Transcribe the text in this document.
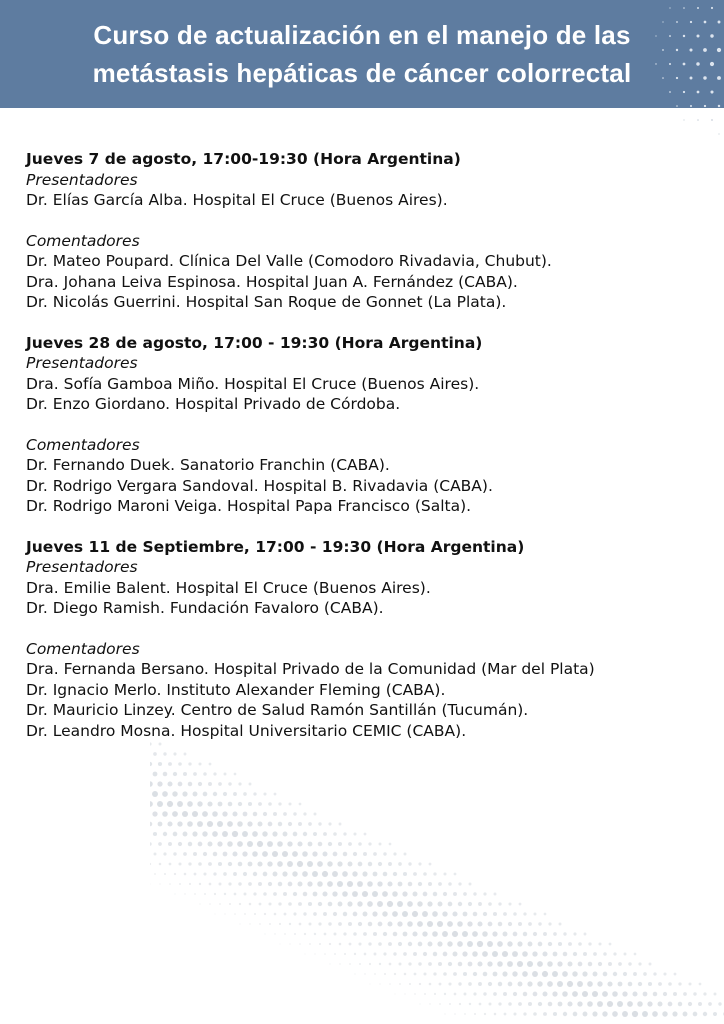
Curso de actualización en el manejo de las
metástasis hepáticas de cáncer colorrectal
Jueves 7 de agosto, 17:00-19:30 (Hora Argentina)
Presentadores
Dr. Elías García Alba. Hospital El Cruce (Buenos Aires).
Comentadores
Dr. Mateo Poupard. Clínica Del Valle (Comodoro Rivadavia, Chubut).
Dra. Johana Leiva Espinosa. Hospital Juan A. Fernández (CABA).
Dr. Nicolás Guerrini. Hospital San Roque de Gonnet (La Plata).
Jueves 28 de agosto, 17:00 - 19:30 (Hora Argentina)
Presentadores
Dra. Sofía Gamboa Miño. Hospital El Cruce (Buenos Aires).
Dr. Enzo Giordano. Hospital Privado de Córdoba.
Comentadores
Dr. Fernando Duek. Sanatorio Franchin (CABA).
Dr. Rodrigo Vergara Sandoval. Hospital B. Rivadavia (CABA).
Dr. Rodrigo Maroni Veiga. Hospital Papa Francisco (Salta).
Jueves 11 de Septiembre, 17:00 - 19:30 (Hora Argentina)
Presentadores
Dra. Emilie Balent. Hospital El Cruce (Buenos Aires).
Dr. Diego Ramish. Fundación Favaloro (CABA).
Comentadores
Dra. Fernanda Bersano. Hospital Privado de la Comunidad (Mar del Plata)
Dr. Ignacio Merlo. Instituto Alexander Fleming (CABA).
Dr. Mauricio Linzey. Centro de Salud Ramón Santillán (Tucumán).
Dr. Leandro Mosna. Hospital Universitario CEMIC (CABA).
